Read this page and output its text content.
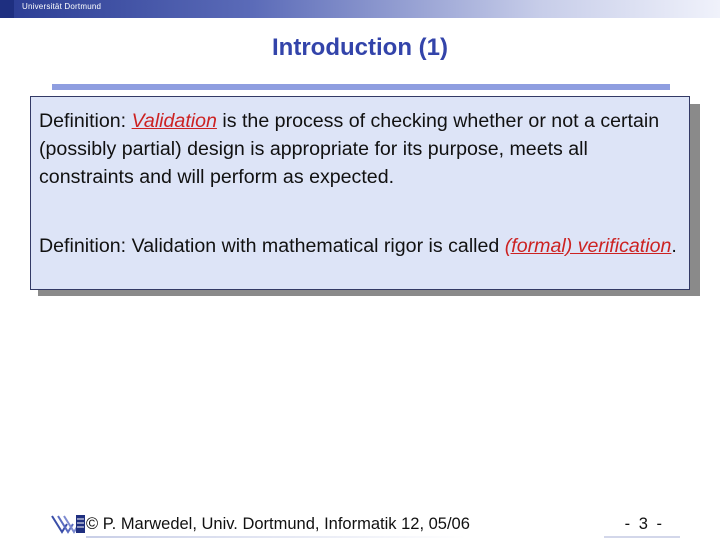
Universität Dortmund
Introduction (1)
Definition: Validation is the process of checking whether or not a certain (possibly partial) design is appropriate for its purpose, meets all constraints and will perform as expected.
Definition: Validation with mathematical rigor is called (formal) verification.
© P. Marwedel, Univ. Dortmund, Informatik 12, 05/06	- 3 -
